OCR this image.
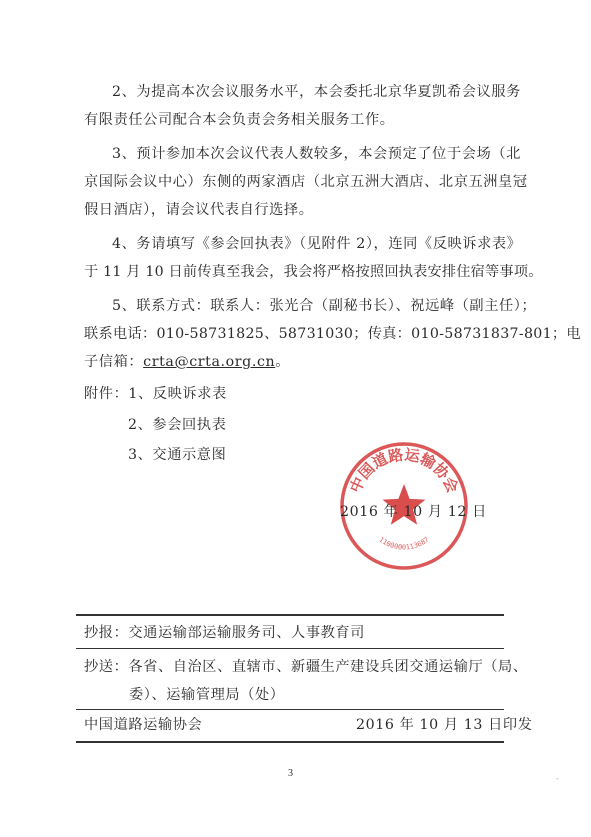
2、为提高本次会议服务水平，本会委托北京华夏凯希会议服务
有限责任公司配合本会负责会务相关服务工作。
3、预计参加本次会议代表人数较多，本会预定了位于会场（北
京国际会议中心）东侧的两家酒店（北京五洲大酒店、北京五洲皇冠
假日酒店），请会议代表自行选择。
4、务请填写《参会回执表》（见附件 2），连同《反映诉求表》
于 11 月 10 日前传真至我会，我会将严格按照回执表安排住宿等事项。
5、联系方式：联系人：张光合（副秘书长）、祝远峰（副主任）；
联系电话：010-58731825、58731030；传真：010-58731837-801；电
子信箱：crta@crta.org.cn。
附件：1、反映诉求表
2、参会回执表
3、交通示意图
中国道路运输协会
1100000113687
2016 年 10 月 12 日
抄报：交通运输部运输服务司、人事教育司
抄送：各省、自治区、直辖市、新疆生产建设兵团交通运输厅（局、
委）、运输管理局（处）
中国道路运输协会	2016 年 10 月 13 日印发
3	-
